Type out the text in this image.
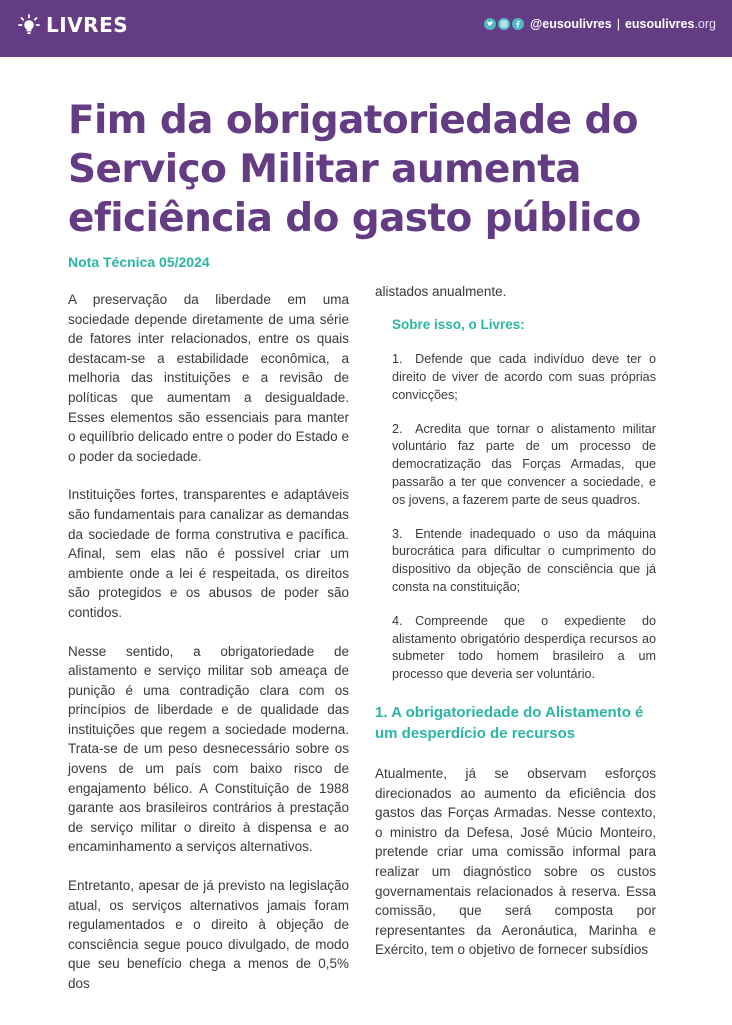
LIVRES	@eusoulivres | eusoulivres.org
Fim da obrigatoriedade do Serviço Militar aumenta eficiência do gasto público

Nota Técnica 05/2024

A preservação da liberdade em uma sociedade depende diretamente de uma série de fatores inter relacionados, entre os quais destacam-se a estabilidade econômica, a melhoria das instituições e a revisão de políticas que aumentam a desigualdade. Esses elementos são essenciais para manter o equilíbrio delicado entre o poder do Estado e o poder da sociedade.

Instituições fortes, transparentes e adaptáveis são fundamentais para canalizar as demandas da sociedade de forma construtiva e pacífica. Afinal, sem elas não é possível criar um ambiente onde a lei é respeitada, os direitos são protegidos e os abusos de poder são contidos.

Nesse sentido, a obrigatoriedade de alistamento e serviço militar sob ameaça de punição é uma contradição clara com os princípios de liberdade e de qualidade das instituições que regem a sociedade moderna. Trata-se de um peso desnecessário sobre os jovens de um país com baixo risco de engajamento bélico. A Constituição de 1988 garante aos brasileiros contrários à prestação de serviço militar o direito à dispensa e ao encaminhamento a serviços alternativos.

Entretanto, apesar de já previsto na legislação atual, os serviços alternativos jamais foram regulamentados e o direito à objeção de consciência segue pouco divulgado, de modo que seu benefício chega a menos de 0,5% dos

alistados anualmente.

Sobre isso, o Livres:
1. Defende que cada indivíduo deve ter o direito de viver de acordo com suas próprias convicções;
2. Acredita que tornar o alistamento militar voluntário faz parte de um processo de democratização das Forças Armadas, que passarão a ter que convencer a sociedade, e os jovens, a fazerem parte de seus quadros.
3. Entende inadequado o uso da máquina burocrática para dificultar o cumprimento do dispositivo da objeção de consciência que já consta na constituição;
4. Compreende que o expediente do alistamento obrigatório desperdiça recursos ao submeter todo homem brasileiro a um processo que deveria ser voluntário.
1. A obrigatoriedade do Alistamento é um desperdício de recursos

Atualmente, já se observam esforços direcionados ao aumento da eficiência dos gastos das Forças Armadas. Nesse contexto, o ministro da Defesa, José Múcio Monteiro, pretende criar uma comissão informal para realizar um diagnóstico sobre os custos governamentais relacionados à reserva. Essa comissão, que será composta por representantes da Aeronáutica, Marinha e Exército, tem o objetivo de fornecer subsídios
